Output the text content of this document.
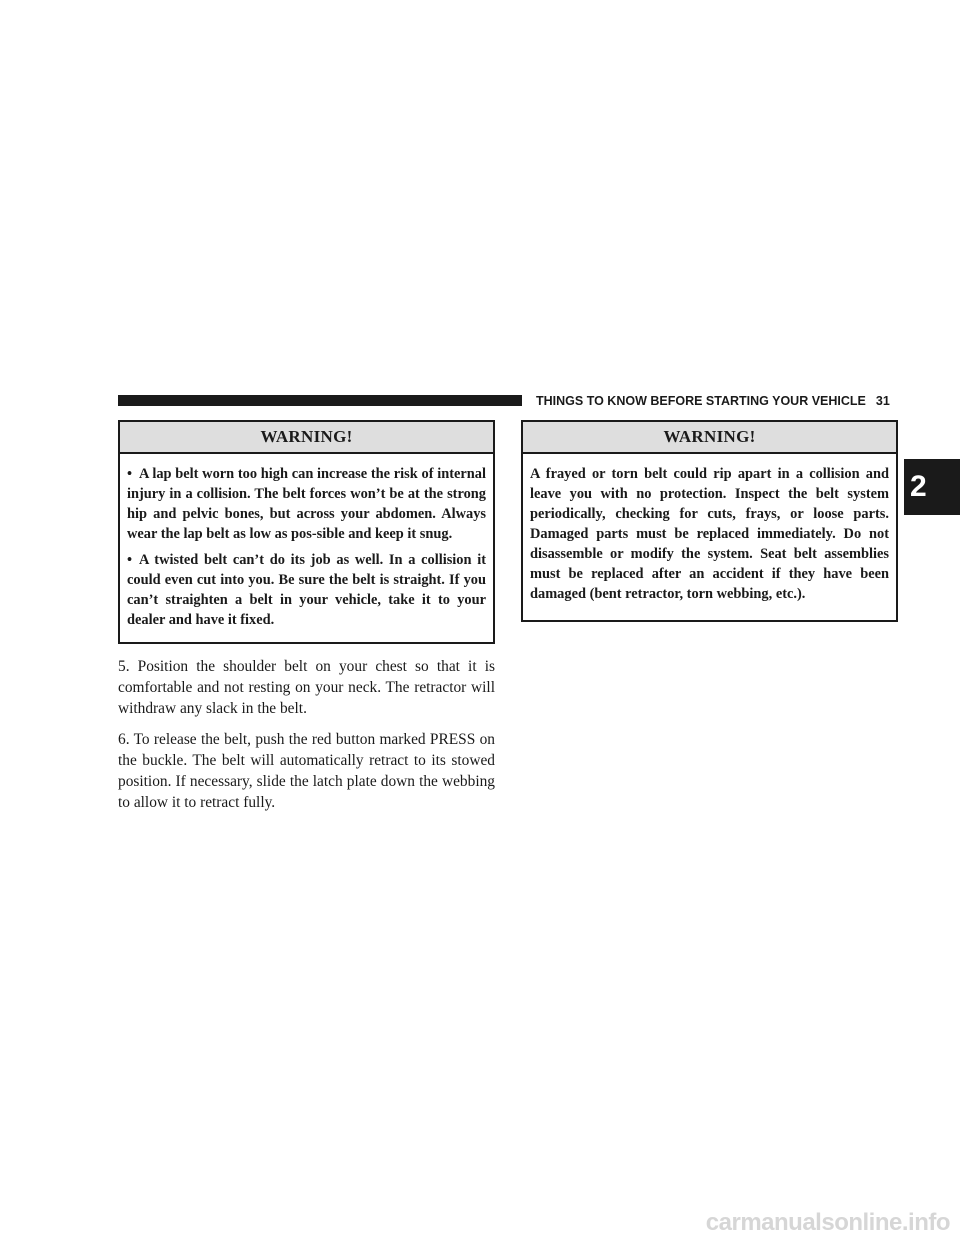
THINGS TO KNOW BEFORE STARTING YOUR VEHICLE 31
2
WARNING!

• A lap belt worn too high can increase the risk of internal injury in a collision. The belt forces won’t be at the strong hip and pelvic bones, but across your abdomen. Always wear the lap belt as low as pos-sible and keep it snug.

• A twisted belt can’t do its job as well. In a collision it could even cut into you. Be sure the belt is straight. If you can’t straighten a belt in your vehicle, take it to your dealer and have it fixed.

WARNING!

A frayed or torn belt could rip apart in a collision and leave you with no protection. Inspect the belt system periodically, checking for cuts, frays, or loose parts. Damaged parts must be replaced immediately. Do not disassemble or modify the system. Seat belt assemblies must be replaced after an accident if they have been damaged (bent retractor, torn webbing, etc.).

5. Position the shoulder belt on your chest so that it is comfortable and not resting on your neck. The retractor will withdraw any slack in the belt.

6. To release the belt, push the red button marked PRESS on the buckle. The belt will automatically retract to its stowed position. If necessary, slide the latch plate down the webbing to allow it to retract fully.

carmanualsonline.info
